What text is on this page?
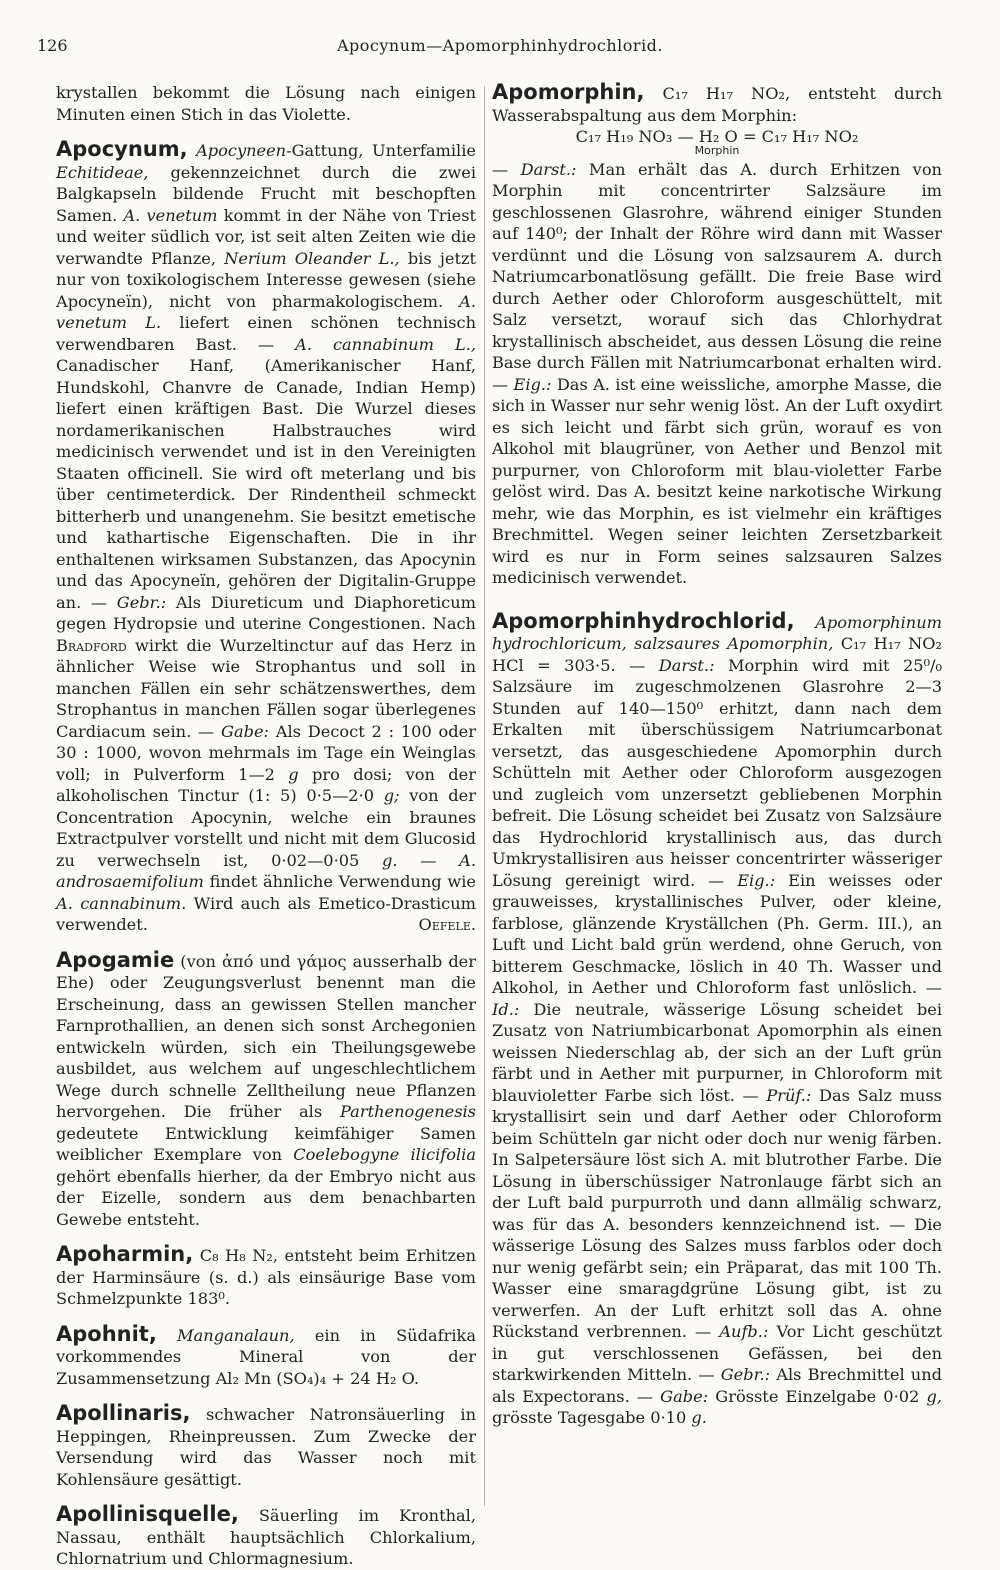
126	Apocynum—Apomorphinhydrochlorid.

krystallen bekommt die Lösung nach einigen Minuten einen Stich in das Violette.

Apocynum, Apocyneen-Gattung, Unterfamilie Echitideae, gekennzeichnet durch die zwei Balgkapseln bildende Frucht mit beschopften Samen. A. venetum kommt in der Nähe von Triest und weiter südlich vor, ist seit alten Zeiten wie die verwandte Pflanze, Nerium Oleander L., bis jetzt nur von toxikologischem Interesse gewesen (siehe Apocyneïn), nicht von pharmakologischem. A. venetum L. liefert einen schönen technisch verwendbaren Bast. — A. cannabinum L., Canadischer Hanf, (Amerikanischer Hanf, Hundskohl, Chanvre de Canade, Indian Hemp) liefert einen kräftigen Bast. Die Wurzel dieses nordamerikanischen Halbstrauches wird medicinisch verwendet und ist in den Vereinigten Staaten officinell. Sie wird oft meterlang und bis über centimeterdick. Der Rindentheil schmeckt bitterherb und unangenehm. Sie besitzt emetische und kathartische Eigenschaften. Die in ihr enthaltenen wirksamen Substanzen, das Apocynin und das Apocyneïn, gehören der Digitalin-Gruppe an. — Gebr.: Als Diureticum und Diaphoreticum gegen Hydropsie und uterine Congestionen. Nach Bradford wirkt die Wurzeltinctur auf das Herz in ähnlicher Weise wie Strophantus und soll in manchen Fällen ein sehr schätzenswerthes, dem Strophantus in manchen Fällen sogar überlegenes Cardiacum sein. — Gabe: Als Decoct 2 : 100 oder 30 : 1000, wovon mehrmals im Tage ein Weinglas voll; in Pulverform 1—2 g pro dosi; von der alkoholischen Tinctur (1: 5) 0·5—2·0 g; von der Concentration Apocynin, welche ein braunes Extractpulver vorstellt und nicht mit dem Glucosid zu verwechseln ist, 0·02—0·05 g. — A. androsaemifolium findet ähnliche Verwendung wie A. cannabinum. Wird auch als Emetico-Drasticum verwendet.	Oefele.

Apogamie (von ἀπό und γάμος ausserhalb der Ehe) oder Zeugungsverlust benennt man die Erscheinung, dass an gewissen Stellen mancher Farnprothallien, an denen sich sonst Archegonien entwickeln würden, sich ein Theilungsgewebe ausbildet, aus welchem auf ungeschlechtlichem Wege durch schnelle Zelltheilung neue Pflanzen hervorgehen. Die früher als Parthenogenesis gedeutete Entwicklung keimfähiger Samen weiblicher Exemplare von Coelebogyne ilicifolia gehört ebenfalls hierher, da der Embryo nicht aus der Eizelle, sondern aus dem benachbarten Gewebe entsteht.

Apoharmin, C₈ H₈ N₂, entsteht beim Erhitzen der Harminsäure (s. d.) als einsäurige Base vom Schmelzpunkte 183⁰.

Apohnit, Manganalaun, ein in Südafrika vorkommendes Mineral von der Zusammensetzung Al₂ Mn (SO₄)₄ + 24 H₂ O.

Apollinaris, schwacher Natronsäuerling in Heppingen, Rheinpreussen. Zum Zwecke der Versendung wird das Wasser noch mit Kohlensäure gesättigt.

Apollinisquelle, Säuerling im Kronthal, Nassau, enthält hauptsächlich Chlorkalium, Chlornatrium und Chlormagnesium.

Apomorphin, C₁₇ H₁₇ NO₂, entsteht durch Wasserabspaltung aus dem Morphin:

C₁₇ H₁₉ NO₃ — H₂ O = C₁₇ H₁₇ NO₂

Morphin

— Darst.: Man erhält das A. durch Erhitzen von Morphin mit concentrirter Salzsäure im geschlossenen Glasrohre, während einiger Stunden auf 140⁰; der Inhalt der Röhre wird dann mit Wasser verdünnt und die Lösung von salzsaurem A. durch Natriumcarbonatlösung gefällt. Die freie Base wird durch Aether oder Chloroform ausgeschüttelt, mit Salz versetzt, worauf sich das Chlorhydrat krystallinisch abscheidet, aus dessen Lösung die reine Base durch Fällen mit Natriumcarbonat erhalten wird. — Eig.: Das A. ist eine weissliche, amorphe Masse, die sich in Wasser nur sehr wenig löst. An der Luft oxydirt es sich leicht und färbt sich grün, worauf es von Alkohol mit blaugrüner, von Aether und Benzol mit purpurner, von Chloroform mit blau-violetter Farbe gelöst wird. Das A. besitzt keine narkotische Wirkung mehr, wie das Morphin, es ist vielmehr ein kräftiges Brechmittel. Wegen seiner leichten Zersetzbarkeit wird es nur in Form seines salzsauren Salzes medicinisch verwendet.

Apomorphinhydrochlorid, Apomorphinum hydrochloricum, salzsaures Apomorphin, C₁₇ H₁₇ NO₂ HCl = 303·5. — Darst.: Morphin wird mit 25⁰/₀ Salzsäure im zugeschmolzenen Glasrohre 2—3 Stunden auf 140—150⁰ erhitzt, dann nach dem Erkalten mit überschüssigem Natriumcarbonat versetzt, das ausgeschiedene Apomorphin durch Schütteln mit Aether oder Chloroform ausgezogen und zugleich vom unzersetzt gebliebenen Morphin befreit. Die Lösung scheidet bei Zusatz von Salzsäure das Hydrochlorid krystallinisch aus, das durch Umkrystallisiren aus heisser concentrirter wässeriger Lösung gereinigt wird. — Eig.: Ein weisses oder grauweisses, krystallinisches Pulver, oder kleine, farblose, glänzende Kryställchen (Ph. Germ. III.), an Luft und Licht bald grün werdend, ohne Geruch, von bitterem Geschmacke, löslich in 40 Th. Wasser und Alkohol, in Aether und Chloroform fast unlöslich. — Id.: Die neutrale, wässerige Lösung scheidet bei Zusatz von Natriumbicarbonat Apomorphin als einen weissen Niederschlag ab, der sich an der Luft grün färbt und in Aether mit purpurner, in Chloroform mit blauvioletter Farbe sich löst. — Prüf.: Das Salz muss krystallisirt sein und darf Aether oder Chloroform beim Schütteln gar nicht oder doch nur wenig färben. In Salpetersäure löst sich A. mit blutrother Farbe. Die Lösung in überschüssiger Natronlauge färbt sich an der Luft bald purpurroth und dann allmälig schwarz, was für das A. besonders kennzeichnend ist. — Die wässerige Lösung des Salzes muss farblos oder doch nur wenig gefärbt sein; ein Präparat, das mit 100 Th. Wasser eine smaragdgrüne Lösung gibt, ist zu verwerfen. An der Luft erhitzt soll das A. ohne Rückstand verbrennen. — Aufb.: Vor Licht geschützt in gut verschlossenen Gefässen, bei den starkwirkenden Mitteln. — Gebr.: Als Brechmittel und als Expectorans. — Gabe: Grösste Einzelgabe 0·02 g, grösste Tagesgabe 0·10 g.
